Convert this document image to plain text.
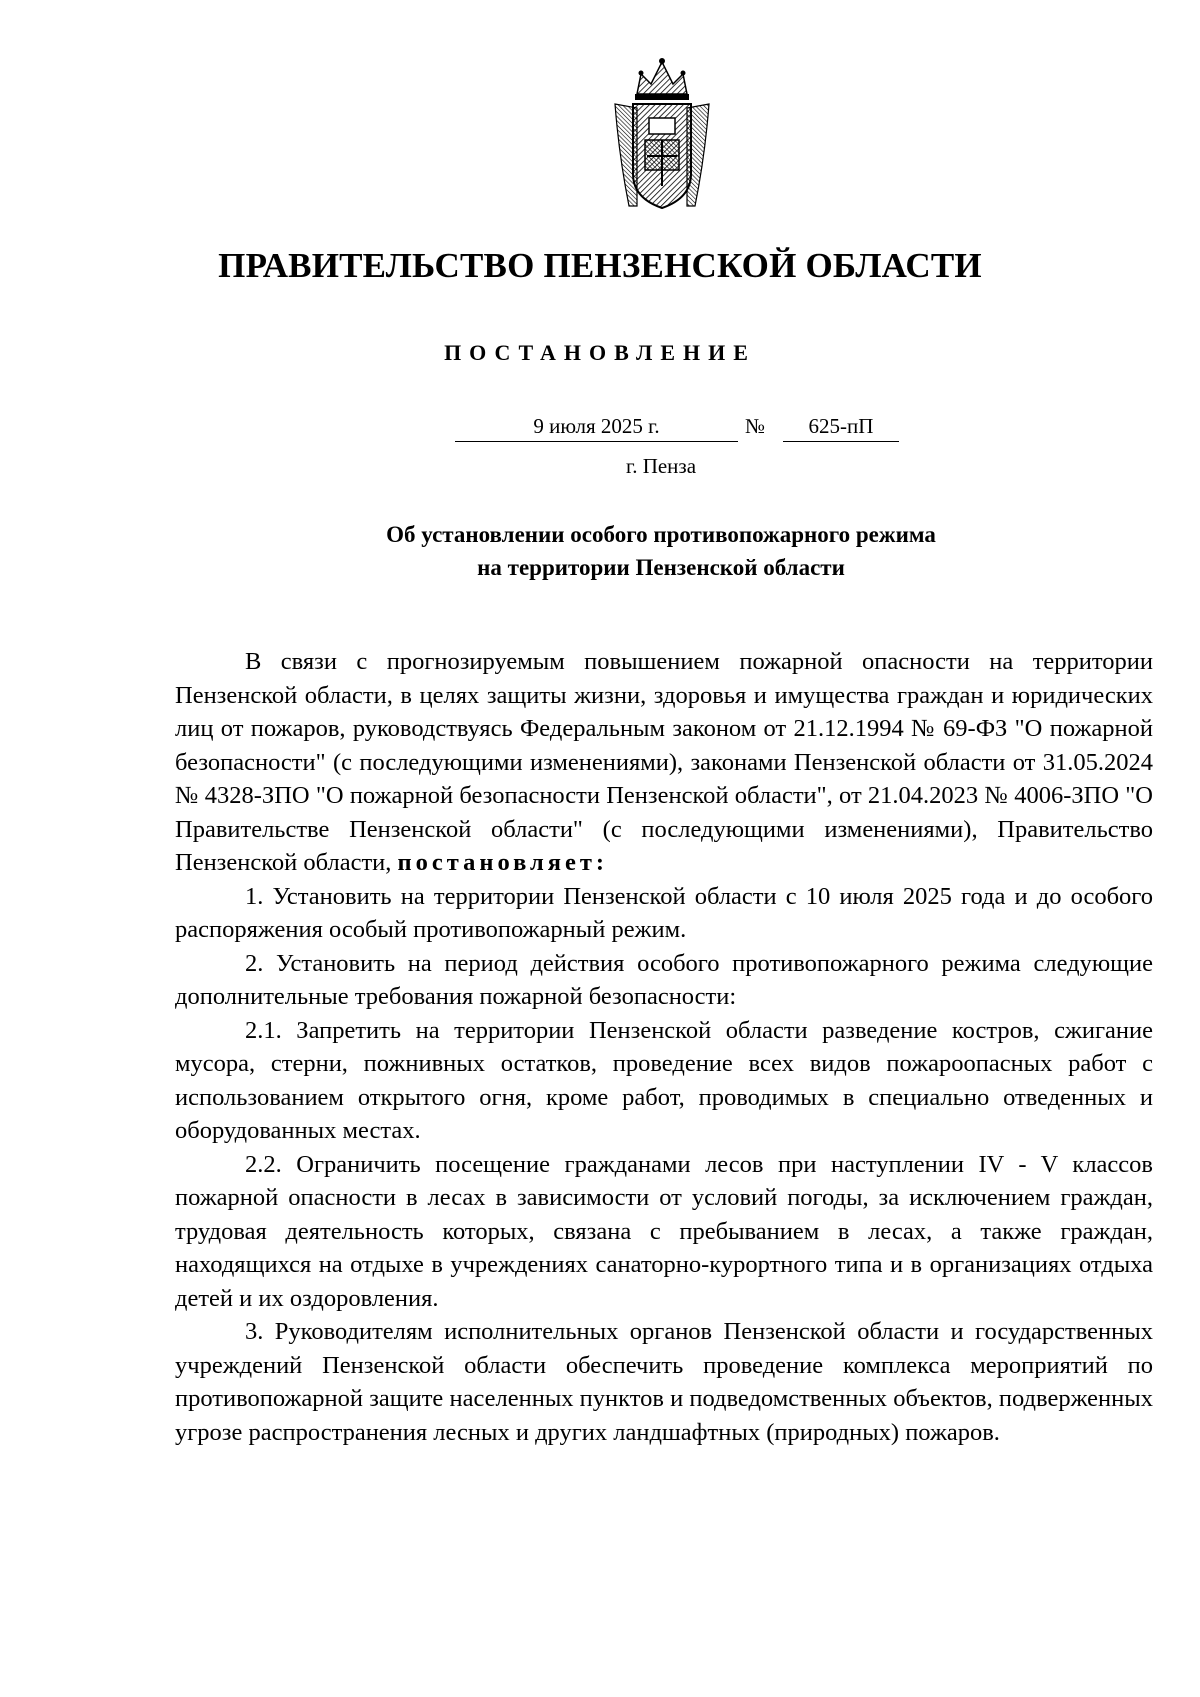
ПРАВИТЕЛЬСТВО ПЕНЗЕНСКОЙ ОБЛАСТИ
ПОСТАНОВЛЕНИЕ
9 июля 2025 г.	№	625-пП
г. Пенза
Об установлении особого противопожарного режима
на территории Пензенской области

В связи с прогнозируемым повышением пожарной опасности на территории Пензенской области, в целях защиты жизни, здоровья и имущества граждан и юридических лиц от пожаров, руководствуясь Федеральным законом от 21.12.1994 № 69-ФЗ "О пожарной безопасности" (с последующими изменениями), законами Пензенской области от 31.05.2024 № 4328-ЗПО "О пожарной безопасности Пензенской области", от 21.04.2023 № 4006-ЗПО "О Правительстве Пензенской области" (с последующими изменениями), Правительство Пензенской области, постановляет:

1. Установить на территории Пензенской области с 10 июля 2025 года и до особого распоряжения особый противопожарный режим.

2. Установить на период действия особого противопожарного режима следующие дополнительные требования пожарной безопасности:

2.1. Запретить на территории Пензенской области разведение костров, сжигание мусора, стерни, пожнивных остатков, проведение всех видов пожароопасных работ с использованием открытого огня, кроме работ, проводимых в специально отведенных и оборудованных местах.

2.2. Ограничить посещение гражданами лесов при наступлении IV - V классов пожарной опасности в лесах в зависимости от условий погоды, за исключением граждан, трудовая деятельность которых, связана с пребыванием в лесах, а также граждан, находящихся на отдыхе в учреждениях санаторно-курортного типа и в организациях отдыха детей и их оздоровления.

3. Руководителям исполнительных органов Пензенской области и государственных учреждений Пензенской области обеспечить проведение комплекса мероприятий по противопожарной защите населенных пунктов и подведомственных объектов, подверженных угрозе распространения лесных и других ландшафтных (природных) пожаров.
